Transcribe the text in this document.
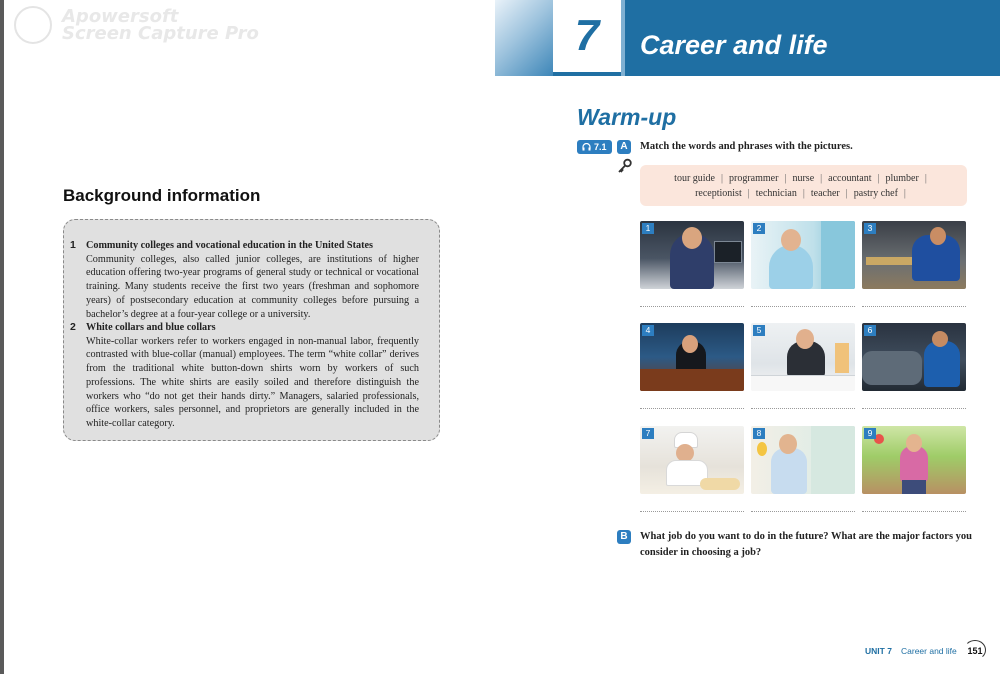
Apowersoft
Screen Capture Pro
Background information
1 Community colleges and vocational education in the United States
Community colleges, also called junior colleges, are institutions of higher education offering two-year programs of general study or technical or vocational training. Many students receive the first two years (freshman and sophomore years) of postsecondary education at community colleges before pursuing a bachelor’s degree at a four-year college or a university.
2 White collars and blue collars
White-collar workers refer to workers engaged in non-manual labor, frequently contrasted with blue-collar (manual) employees. The term “white collar” derives from the traditional white button-down shirts worn by workers of such professions. The white shirts are easily soiled and therefore distinguish the workers who “do not get their hands dirty.” Managers, salaried professionals, office workers, sales personnel, and proprietors are generally included in the white-collar category.
7	Career and life
Warm-up
7.1	A	Match the words and phrases with the pictures.
tour guide | programmer | nurse | accountant | plumber |
receptionist | technician | teacher | pastry chef |
1	2	3
4	5	6
7	8	9
B	What job do you want to do in the future? What are the major factors you
consider in choosing a job?
UNIT 7 Career and life	151
